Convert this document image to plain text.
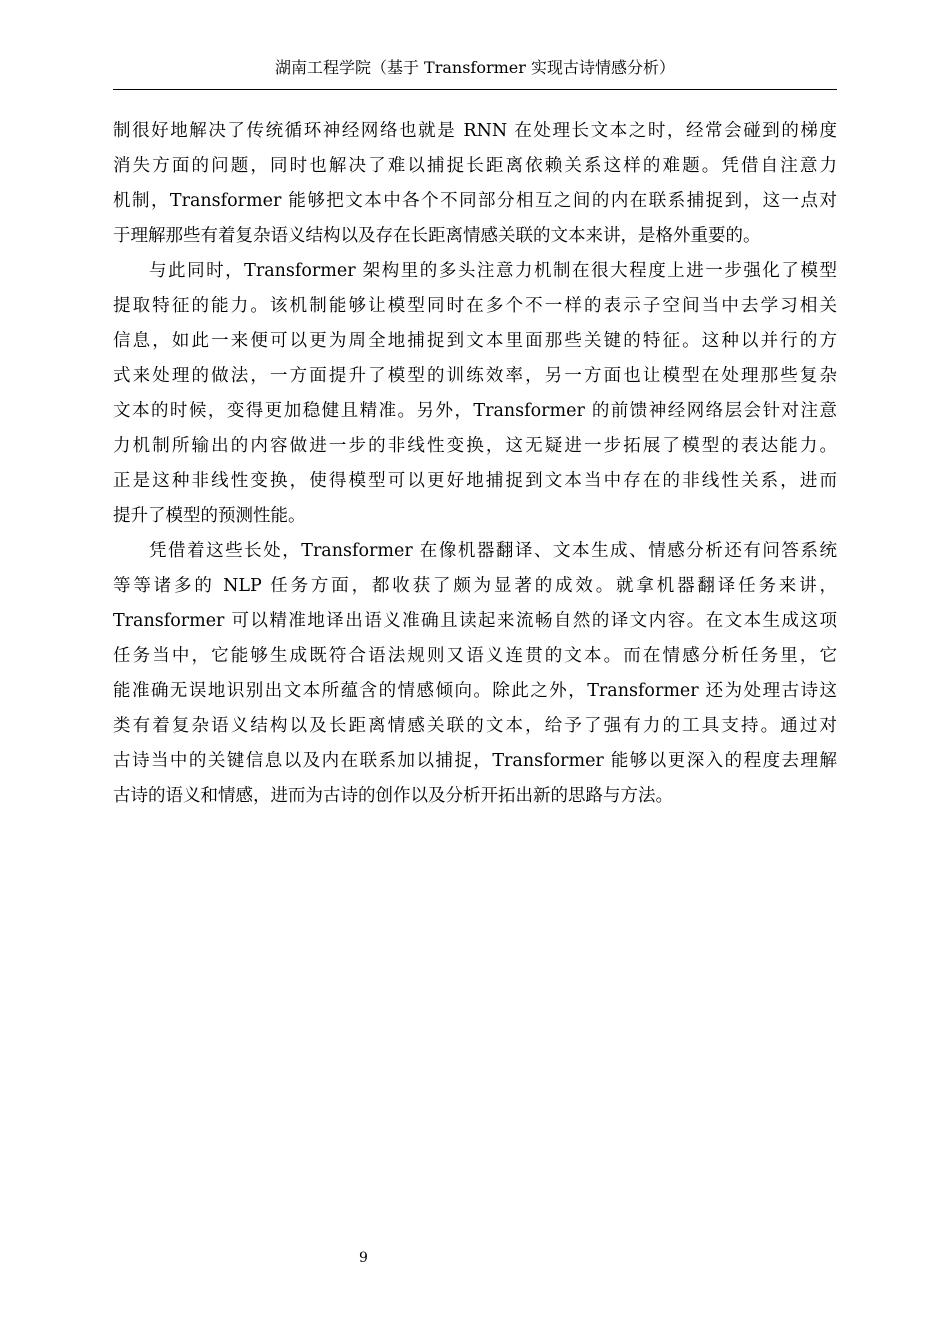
湖南工程学院（基于 Transformer 实现古诗情感分析）
制很好地解决了传统循环神经网络也就是 RNN 在处理长文本之时，经常会碰到的梯度
消失方面的问题，同时也解决了难以捕捉长距离依赖关系这样的难题。凭借自注意力
机制，Transformer 能够把文本中各个不同部分相互之间的内在联系捕捉到，这一点对
于理解那些有着复杂语义结构以及存在长距离情感关联的文本来讲，是格外重要的。
与此同时，Transformer 架构里的多头注意力机制在很大程度上进一步强化了模型
提取特征的能力。该机制能够让模型同时在多个不一样的表示子空间当中去学习相关
信息，如此一来便可以更为周全地捕捉到文本里面那些关键的特征。这种以并行的方
式来处理的做法，一方面提升了模型的训练效率，另一方面也让模型在处理那些复杂
文本的时候，变得更加稳健且精准。另外，Transformer 的前馈神经网络层会针对注意
力机制所输出的内容做进一步的非线性变换，这无疑进一步拓展了模型的表达能力。
正是这种非线性变换，使得模型可以更好地捕捉到文本当中存在的非线性关系，进而
提升了模型的预测性能。
凭借着这些长处，Transformer 在像机器翻译、文本生成、情感分析还有问答系统
等等诸多的 NLP 任务方面，都收获了颇为显著的成效。就拿机器翻译任务来讲，
Transformer 可以精准地译出语义准确且读起来流畅自然的译文内容。在文本生成这项
任务当中，它能够生成既符合语法规则又语义连贯的文本。而在情感分析任务里，它
能准确无误地识别出文本所蕴含的情感倾向。除此之外，Transformer 还为处理古诗这
类有着复杂语义结构以及长距离情感关联的文本，给予了强有力的工具支持。通过对
古诗当中的关键信息以及内在联系加以捕捉，Transformer 能够以更深入的程度去理解
古诗的语义和情感，进而为古诗的创作以及分析开拓出新的思路与方法。
9
